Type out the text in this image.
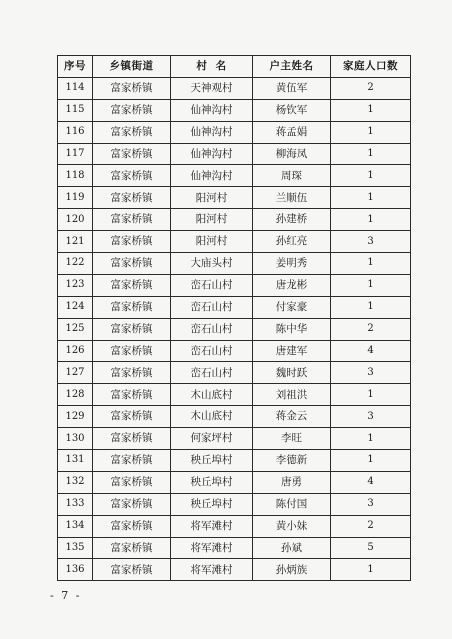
序号	乡镇街道	村  名	户主姓名	家庭人口数
114	富家桥镇	天神观村	黄伍军	2
115	富家桥镇	仙神沟村	杨钦军	1
116	富家桥镇	仙神沟村	蒋孟娟	1
117	富家桥镇	仙神沟村	柳海凤	1
118	富家桥镇	仙神沟村	周琛	1
119	富家桥镇	阳河村	兰顺伍	1
120	富家桥镇	阳河村	孙建桥	1
121	富家桥镇	阳河村	孙红亮	3
122	富家桥镇	大庙头村	姜明秀	1
123	富家桥镇	峦石山村	唐龙彬	1
124	富家桥镇	峦石山村	付家豪	1
125	富家桥镇	峦石山村	陈中华	2
126	富家桥镇	峦石山村	唐建军	4
127	富家桥镇	峦石山村	魏时跃	3
128	富家桥镇	木山底村	刘祖洪	1
129	富家桥镇	木山底村	蒋金云	3
130	富家桥镇	何家坪村	李旺	1
131	富家桥镇	秧丘埠村	李德新	1
132	富家桥镇	秧丘埠村	唐勇	4
133	富家桥镇	秧丘埠村	陈付国	3
134	富家桥镇	将军滩村	黄小妹	2
135	富家桥镇	将军滩村	孙斌	5
136	富家桥镇	将军滩村	孙炳族	1
- 7 -
